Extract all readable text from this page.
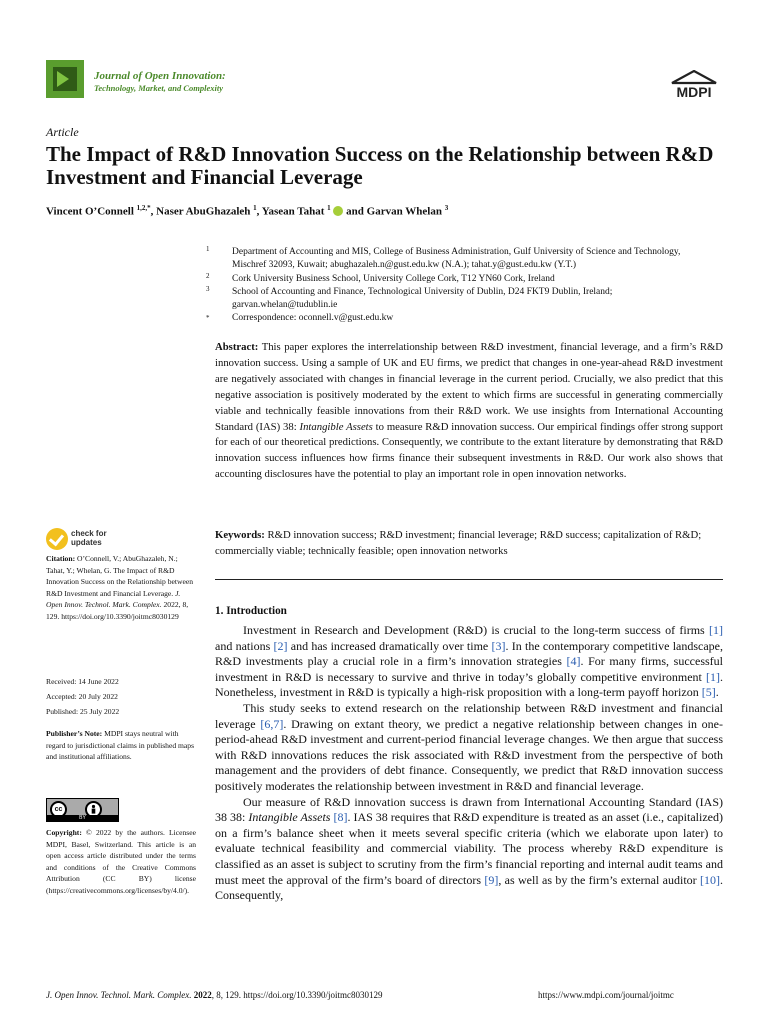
Journal of Open Innovation:
Technology, Market, and Complexity	MDPI
Article
The Impact of R&D Innovation Success on the Relationship between R&D Investment and Financial Leverage
Vincent O’Connell $^{1,2,*}$, Naser AbuGhazaleh $^1$, Yasean Tahat $^1$  and Garvan Whelan $^3$
1 Department of Accounting and MIS, College of Business Administration, Gulf University of Science and Technology, Mischref 32093, Kuwait; abughazaleh.n@gust.edu.kw (N.A.); tahat.y@gust.edu.kw (Y.T.)
2 Cork University Business School, University College Cork, T12 YN60 Cork, Ireland
3 School of Accounting and Finance, Technological University of Dublin, D24 FKT9 Dublin, Ireland; garvan.whelan@tudublin.ie
* Correspondence: oconnell.v@gust.edu.kw
Abstract: This paper explores the interrelationship between R&D investment, financial leverage, and a firm’s R&D innovation success. Using a sample of UK and EU firms, we predict that changes in one-year-ahead R&D investment are negatively associated with changes in financial leverage in the current period. Crucially, we also predict that this negative association is positively moderated by the extent to which firms are successful in generating commercially viable and technically feasible innovations from their R&D work. We use insights from International Accounting Standard (IAS) 38: Intangible Assets to measure R&D innovation success. Our empirical findings offer strong support for each of our theoretical predictions. Consequently, we contribute to the extant literature by demonstrating that R&D innovation success influences how firms finance their subsequent investments in R&D. Our work also shows that accounting disclosures have the potential to play an important role in open innovation networks.
Keywords: R&D innovation success; R&D investment; financial leverage; R&D success; capitalization of R&D; commercially viable; technically feasible; open innovation networks
check for updates
Citation: O’Connell, V.; AbuGhazaleh, N.; Tahat, Y.; Whelan, G. The Impact of R&D Innovation Success on the Relationship between R&D Investment and Financial Leverage. J. Open Innov. Technol. Mark. Complex. 2022, 8, 129. https://doi.org/10.3390/joitmc8030129
Received: 14 June 2022
Accepted: 20 July 2022
Published: 25 July 2022
Publisher’s Note: MDPI stays neutral with regard to jurisdictional claims in published maps and institutional affiliations.
cc
BY
Copyright: © 2022 by the authors. Licensee MDPI, Basel, Switzerland. This article is an open access article distributed under the terms and conditions of the Creative Commons Attribution (CC BY) license (https://creativecommons.org/licenses/by/4.0/).
1. Introduction

Investment in Research and Development (R&D) is crucial to the long-term success of firms [1] and nations [2] and has increased dramatically over time [3]. In the contemporary competitive landscape, R&D investments play a crucial role in a firm’s innovation strategies [4]. For many firms, successful investment in R&D is necessary to survive and thrive in today’s globally competitive environment [1]. Nonetheless, investment in R&D is typically a high-risk proposition with a long-term payoff horizon [5].

This study seeks to extend research on the relationship between R&D investment and financial leverage [6,7]. Drawing on extant theory, we predict a negative relationship between changes in one-period-ahead R&D investment and current-period financial leverage changes. We then argue that success with R&D innovations reduces the risk associated with R&D investment from the perspective of both management and the providers of debt finance. Consequently, we predict that R&D innovation success positively moderates the relationship between investment in R&D and financial leverage.

Our measure of R&D innovation success is drawn from International Accounting Standard (IAS) 38 38: Intangible Assets [8]. IAS 38 requires that R&D expenditure is treated as an asset (i.e., capitalized) on a firm’s balance sheet when it meets several specific criteria (which we elaborate upon later) to evaluate technical feasibility and commercial viability. The process whereby R&D expenditure is classified as an asset is subject to scrutiny from the firm’s financial reporting and internal audit teams and must meet the approval of the firm’s board of directors [9], as well as by the firm’s external auditor [10]. Consequently,

J. Open Innov. Technol. Mark. Complex. 2022, 8, 129. https://doi.org/10.3390/joitmc8030129	https://www.mdpi.com/journal/joitmc
